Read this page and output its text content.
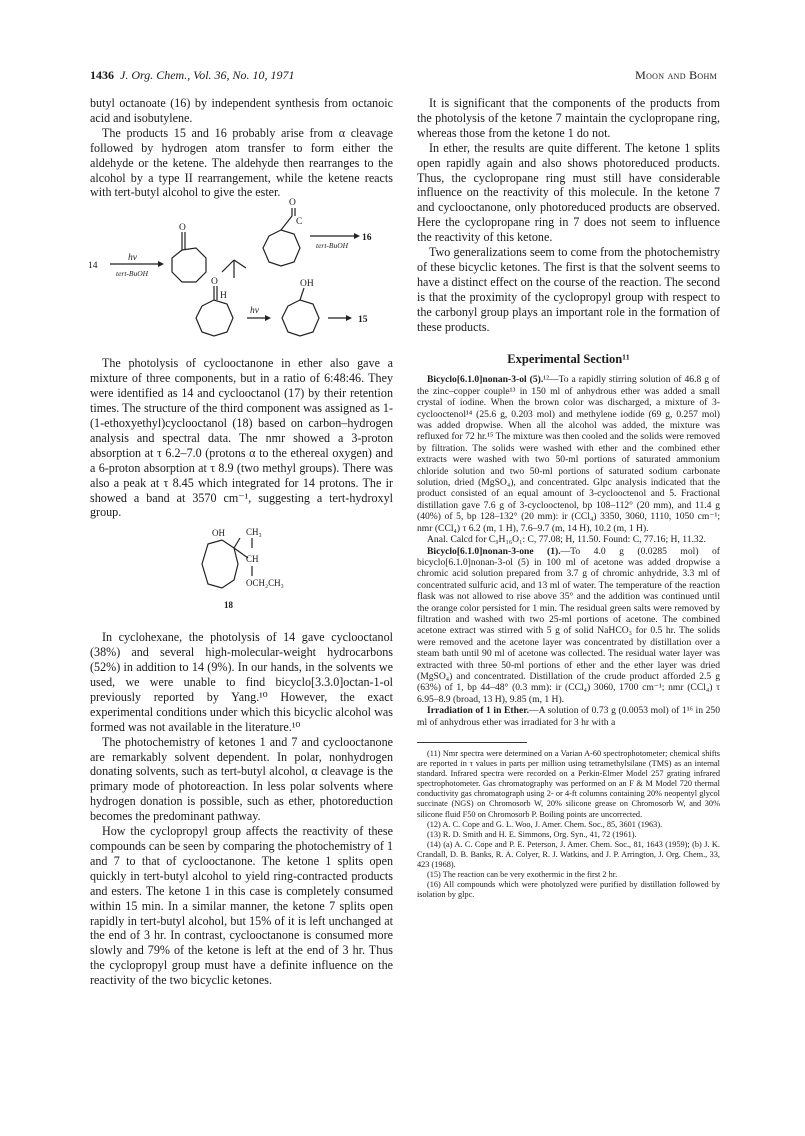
1436 J. Org. Chem., Vol. 36, No. 10, 1971	Moon and Bohm

butyl octanoate (16) by independent synthesis from octanoic acid and isobutylene.

The products 15 and 16 probably arise from α cleavage followed by hydrogen atom transfer to form either the aldehyde or the ketene. The aldehyde then rearranges to the alcohol by a type II rearrangement, while the ketene reacts with tert-butyl alcohol to give the ester.

14
hν
tert-BuOH
O
O
C
16
tert-BuOH
O
H
hν
OH
15

The photolysis of cyclooctanone in ether also gave a mixture of three components, but in a ratio of 6:48:46. They were identified as 14 and cyclooctanol (17) by their retention times. The structure of the third component was assigned as 1-(1-ethoxyethyl)cyclooctanol (18) based on carbon–hydrogen analysis and spectral data. The nmr showed a 3-proton absorption at τ 6.2–7.0 (protons α to the ethereal oxygen) and a 6-proton absorption at τ 8.9 (two methyl groups). There was also a peak at τ 8.45 which integrated for 14 protons. The ir showed a band at 3570 cm⁻¹, suggesting a tert-hydroxyl group.

OH CH₃
CH
OCH₂CH₃
18

In cyclohexane, the photolysis of 14 gave cyclooctanol (38%) and several high-molecular-weight hydrocarbons (52%) in addition to 14 (9%). In our hands, in the solvents we used, we were unable to find bicyclo[3.3.0]octan-1-ol previously reported by Yang.¹⁰ However, the exact experimental conditions under which this bicyclic alcohol was formed was not available in the literature.¹⁰

The photochemistry of ketones 1 and 7 and cyclooctanone are remarkably solvent dependent. In polar, nonhydrogen donating solvents, such as tert-butyl alcohol, α cleavage is the primary mode of photoreaction. In less polar solvents where hydrogen donation is possible, such as ether, photoreduction becomes the predominant pathway.

How the cyclopropyl group affects the reactivity of these compounds can be seen by comparing the photochemistry of 1 and 7 to that of cyclooctanone. The ketone 1 splits open quickly in tert-butyl alcohol to yield ring-contracted products and esters. The ketone 1 in this case is completely consumed within 15 min. In a similar manner, the ketone 7 splits open rapidly in tert-butyl alcohol, but 15% of it is left unchanged at the end of 3 hr. In contrast, cyclooctanone is consumed more slowly and 79% of the ketone is left at the end of 3 hr. Thus the cyclopropyl group must have a definite influence on the reactivity of the two bicyclic ketones.

It is significant that the components of the products from the photolysis of the ketone 7 maintain the cyclopropane ring, whereas those from the ketone 1 do not.

In ether, the results are quite different. The ketone 1 splits open rapidly again and also shows photoreduced products. Thus, the cyclopropane ring must still have considerable influence on the reactivity of this molecule. In the ketone 7 and cyclooctanone, only photoreduced products are observed. Here the cyclopropane ring in 7 does not seem to influence the reactivity of this ketone.

Two generalizations seem to come from the photochemistry of these bicyclic ketones. The first is that the solvent seems to have a distinct effect on the course of the reaction. The second is that the proximity of the cyclopropyl group with respect to the carbonyl group plays an important role in the formation of these products.

Experimental Section¹¹

Bicyclo[6.1.0]nonan-3-ol (5).¹²—To a rapidly stirring solution of 46.8 g of the zinc–copper couple¹³ in 150 ml of anhydrous ether was added a small crystal of iodine. When the brown color was discharged, a mixture of 3-cyclooctenol¹⁴ (25.6 g, 0.203 mol) and methylene iodide (69 g, 0.257 mol) was added dropwise. When all the alcohol was added, the mixture was refluxed for 72 hr.¹⁵ The mixture was then cooled and the solids were removed by filtration. The solids were washed with ether and the combined ether extracts were washed with two 50-ml portions of saturated ammonium chloride solution and two 50-ml portions of saturated sodium carbonate solution, dried (MgSO₄), and concentrated. Glpc analysis indicated that the product consisted of an equal amount of 3-cyclooctenol and 5. Fractional distillation gave 7.6 g of 3-cyclooctenol, bp 108–112° (20 mm), and 11.4 g (40%) of 5, bp 128–132° (20 mm): ir (CCl₄) 3350, 3060, 1110, 1050 cm⁻¹; nmr (CCl₄) τ 6.2 (m, 1 H), 7.6–9.7 (m, 14 H), 10.2 (m, 1 H).

Anal. Calcd for C₉H₁₆O₁: C, 77.08; H, 11.50. Found: C, 77.16; H, 11.32.

Bicyclo[6.1.0]nonan-3-one (1).—To 4.0 g (0.0285 mol) of bicyclo[6.1.0]nonan-3-ol (5) in 100 ml of acetone was added dropwise a chromic acid solution prepared from 3.7 g of chromic anhydride, 3.3 ml of concentrated sulfuric acid, and 13 ml of water. The temperature of the reaction flask was not allowed to rise above 35° and the addition was continued until the orange color persisted for 1 min. The residual green salts were removed by filtration and washed with two 25-ml portions of acetone. The combined acetone extract was stirred with 5 g of solid NaHCO₃ for 0.5 hr. The solids were removed and the acetone layer was concentrated by distillation over a steam bath until 90 ml of acetone was collected. The residual water layer was extracted with three 50-ml portions of ether and the ether layer was dried (MgSO₄) and concentrated. Distillation of the crude product afforded 2.5 g (63%) of 1, bp 44–48° (0.3 mm): ir (CCl₄) 3060, 1700 cm⁻¹; nmr (CCl₄) τ 6.95–8.9 (broad, 13 H), 9.85 (m, 1 H).

Irradiation of 1 in Ether.—A solution of 0.73 g (0.0053 mol) of 1¹⁶ in 250 ml of anhydrous ether was irradiated for 3 hr with a

(11) Nmr spectra were determined on a Varian A-60 spectrophotometer; chemical shifts are reported in τ values in parts per million using tetramethylsilane (TMS) as an internal standard. Infrared spectra were recorded on a Perkin-Elmer Model 257 grating infrared spectrophotometer. Gas chromatography was performed on an F & M Model 720 thermal conductivity gas chromatograph using 2- or 4-ft columns containing 20% neopentyl glycol succinate (NGS) on Chromosorb W, 20% silicone grease on Chromosorb W, and 30% silicone fluid F50 on Chromosorb P. Boiling points are uncorrected.

(12) A. C. Cope and G. L. Woo, J. Amer. Chem. Soc., 85, 3601 (1963).

(13) R. D. Smith and H. E. Simmons, Org. Syn., 41, 72 (1961).

(14) (a) A. C. Cope and P. E. Peterson, J. Amer. Chem. Soc., 81, 1643 (1959); (b) J. K. Crandall, D. B. Banks, R. A. Colyer, R. J. Watkins, and J. P. Arrington, J. Org. Chem., 33, 423 (1968).

(15) The reaction can be very exothermic in the first 2 hr.

(16) All compounds which were photolyzed were purified by distillation followed by isolation by glpc.
